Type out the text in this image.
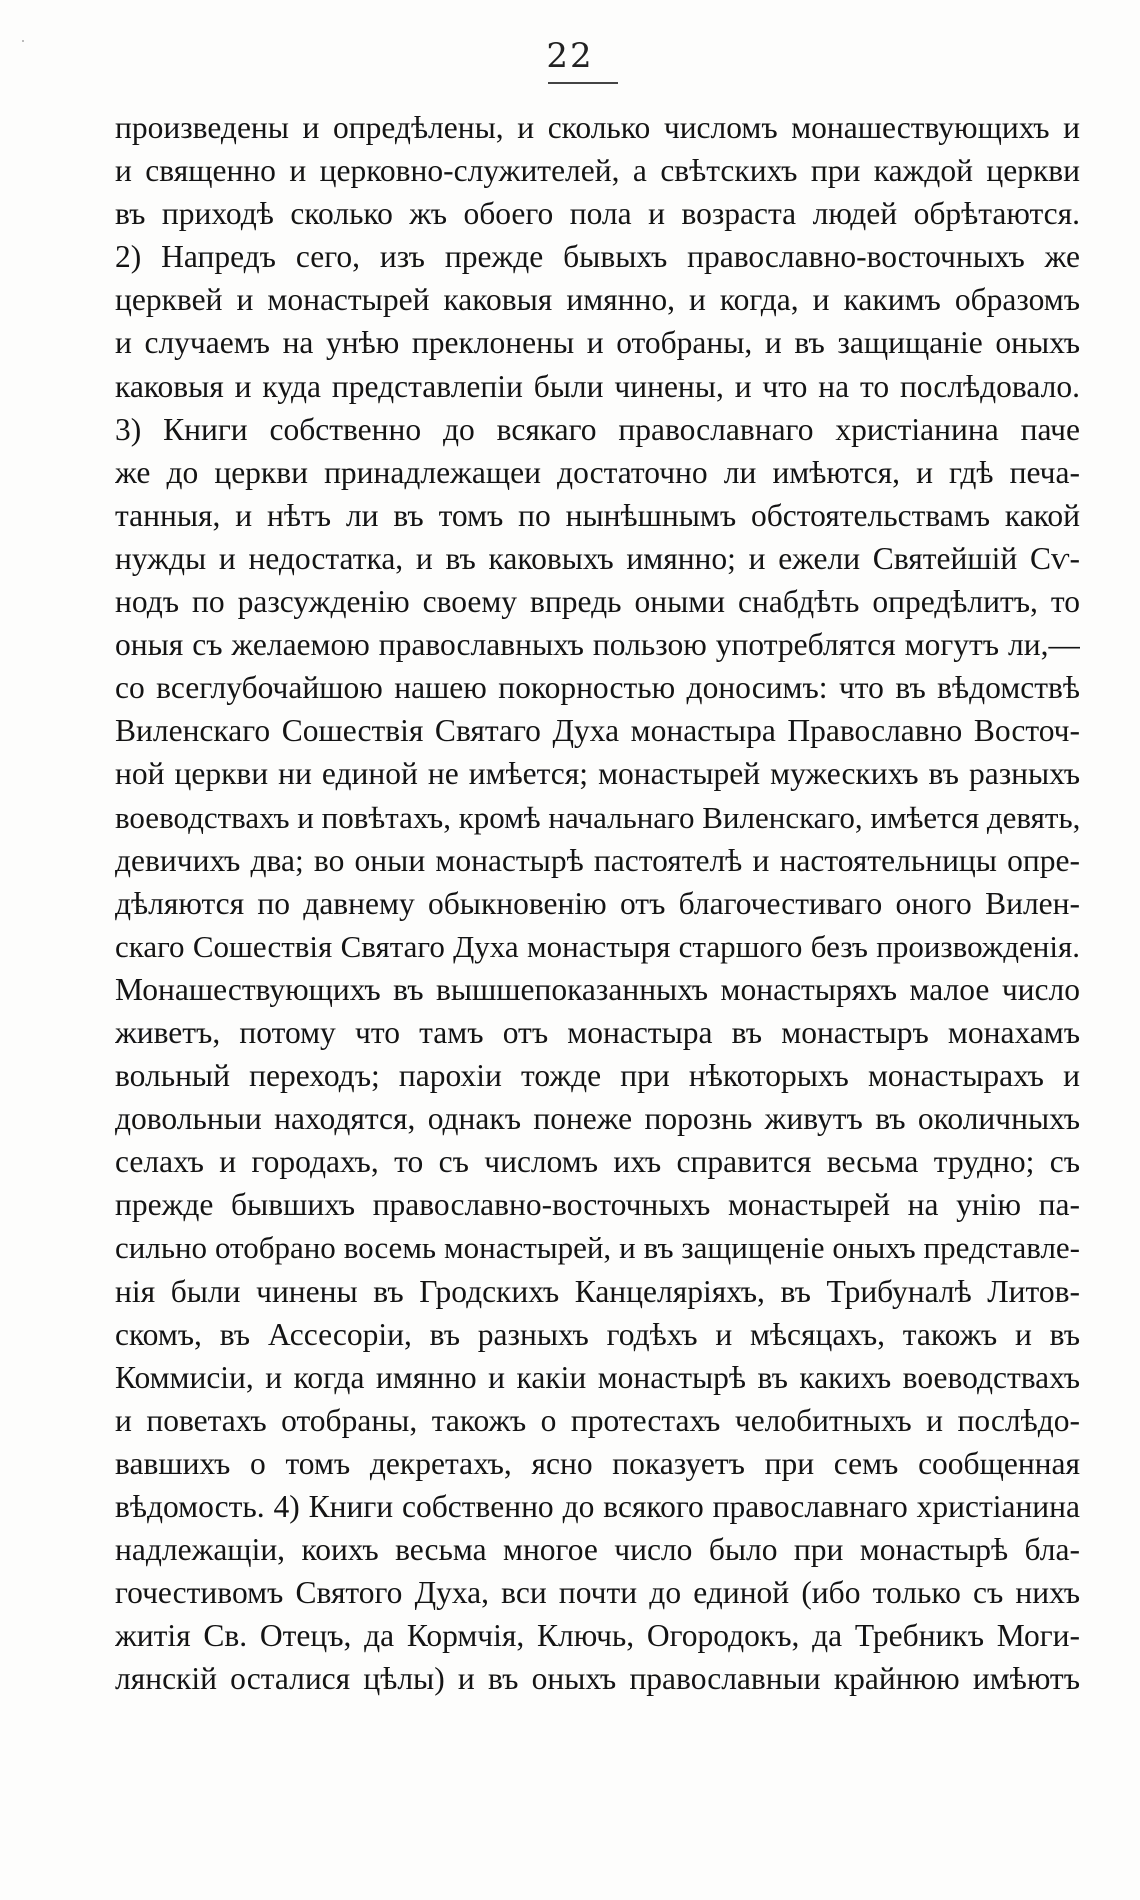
22
произведены и опредѣлены, и сколько числомъ монашествующихъ и
и священно и церковно-служителей, а свѣтскихъ при каждой церкви
въ приходѣ сколько жъ обоего пола и возраста людей обрѣтаются.
2) Напредъ сего, изъ прежде бывыхъ православно-восточныхъ же
церквей и монастырей каковыя имянно, и когда, и какимъ образомъ
и случаемъ на унѣю преклонены и отобраны, и въ защищаніе оныхъ
каковыя и куда представлепіи были чинены, и что на то послѣдовало.
3) Книги собственно до всякаго православнаго христіанина паче
же до церкви принадлежащеи достаточно ли имѣются, и гдѣ печа-
танныя, и нѣтъ ли въ томъ по нынѣшнымъ обстоятельствамъ какой
нужды и недостатка, и въ каковыхъ имянно; и ежели Святейшій Сѵ-
нодъ по разсужденію своему впредь оными снабдѣть опредѣлитъ, то
оныя съ желаемою православныхъ пользою употреблятся могутъ ли,—
со всеглубочайшою нашею покорностью доносимъ: что въ вѣдомствѣ
Виленскаго Сошествія Святаго Духа монастыра Православно Восточ-
ной церкви ни единой не имѣется; монастырей мужескихъ въ разныхъ
воеводствахъ и повѣтахъ, кромѣ начальнаго Виленскаго, имѣется девять,
девичихъ два; во оныи монастырѣ пастоятелѣ и настоятельницы опре-
дѣляются по давнему обыкновенію отъ благочестиваго оного Вилен-
скаго Сошествія Святаго Духа монастыря старшого безъ произвожденія.
Монашествующихъ въ вышшепоказанныхъ монастыряхъ малое число
живетъ, потому что тамъ отъ монастыра въ монастыръ монахамъ
вольный переходъ; парохіи тожде при нѣкоторыхъ монастырахъ и
довольныи находятся, однакъ понеже порознь живутъ въ околичныхъ
селахъ и городахъ, то съ числомъ ихъ справится весьма трудно; съ
прежде бывшихъ православно-восточныхъ монастырей на унію па-
сильно отобрано восемь монастырей, и въ защищеніе оныхъ представле-
нія были чинены въ Гродскихъ Канцеляріяхъ, въ Трибуналѣ Литов-
скомъ, въ Ассесоріи, въ разныхъ годѣхъ и мѣсяцахъ, такожъ и въ
Коммисіи, и когда имянно и какіи монастырѣ въ какихъ воеводствахъ
и поветахъ отобраны, такожъ о протестахъ челобитныхъ и послѣдо-
вавшихъ о томъ декретахъ, ясно показуетъ при семъ сообщенная
вѣдомость. 4) Книги собственно до всякого православнаго христіанина
надлежащіи, коихъ весьма многое число было при монастырѣ бла-
гочестивомъ Святого Духа, вси почти до единой (ибо только съ нихъ
житія Св. Отецъ, да Кормчія, Ключь, Огородокъ, да Требникъ Моги-
лянскій осталися цѣлы) и въ оныхъ православныи крайнюю имѣютъ
